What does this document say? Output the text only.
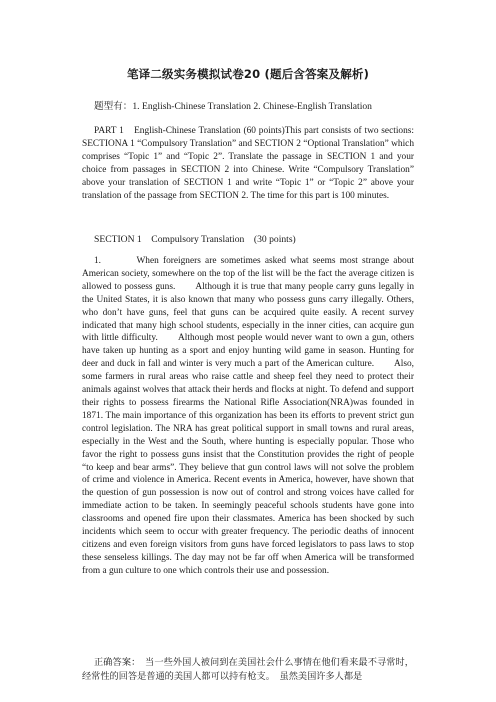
笔译二级实务模拟试卷20 (题后含答案及解析)
题型有：1. English-Chinese Translation 2. Chinese-English Translation
PART 1　English-Chinese Translation (60 points)This part consists of two sections: SECTIONA 1 “Compulsory Translation” and SECTION 2 “Optional Translation” which comprises “Topic 1” and “Topic 2”. Translate the passage in SECTION 1 and your choice from passages in SECTION 2 into Chinese. Write “Compulsory Translation” above your translation of SECTION 1 and write “Topic 1” or “Topic 2” above your translation of the passage from SECTION 2. The time for this part is 100 minutes.
SECTION 1　Compulsory Translation　(30 points)
1.　　　When foreigners are sometimes asked what seems most strange about American society, somewhere on the top of the list will be the fact the average citizen is allowed to possess guns.　　Although it is true that many people carry guns legally in the United States, it is also known that many who possess guns carry illegally. Others, who don’t have guns, feel that guns can be acquired quite easily. A recent survey indicated that many high school students, especially in the inner cities, can acquire gun with little difficulty.　　Although most people would never want to own a gun, others have taken up hunting as a sport and enjoy hunting wild game in season. Hunting for deer and duck in fall and winter is very much a part of the American culture.　　Also, some farmers in rural areas who raise cattle and sheep feel they need to protect their animals against wolves that attack their herds and flocks at night. To defend and support their rights to possess firearms the National Rifle Association(NRA)was founded in 1871. The main importance of this organization has been its efforts to prevent strict gun control legislation. The NRA has great political support in small towns and rural areas, especially in the West and the South, where hunting is especially popular. Those who favor the right to possess guns insist that the Constitution provides the right of people “to keep and bear arms”. They believe that gun control laws will not solve the problem of crime and violence in America. Recent events in America, however, have shown that the question of gun possession is now out of control and strong voices have called for immediate action to be taken. In seemingly peaceful schools students have gone into classrooms and opened fire upon their classmates. America has been shocked by such incidents which seem to occur with greater frequency. The periodic deaths of innocent citizens and even foreign visitors from guns have forced legislators to pass laws to stop these senseless killings. The day may not be far off when America will be transformed from a gun culture to one which controls their use and possession.
正确答案：　当一些外国人被问到在美国社会什么事情在他们看来最不寻常时，经常性的回答是普通的美国人都可以持有枪支。　虽然美国许多人都是
